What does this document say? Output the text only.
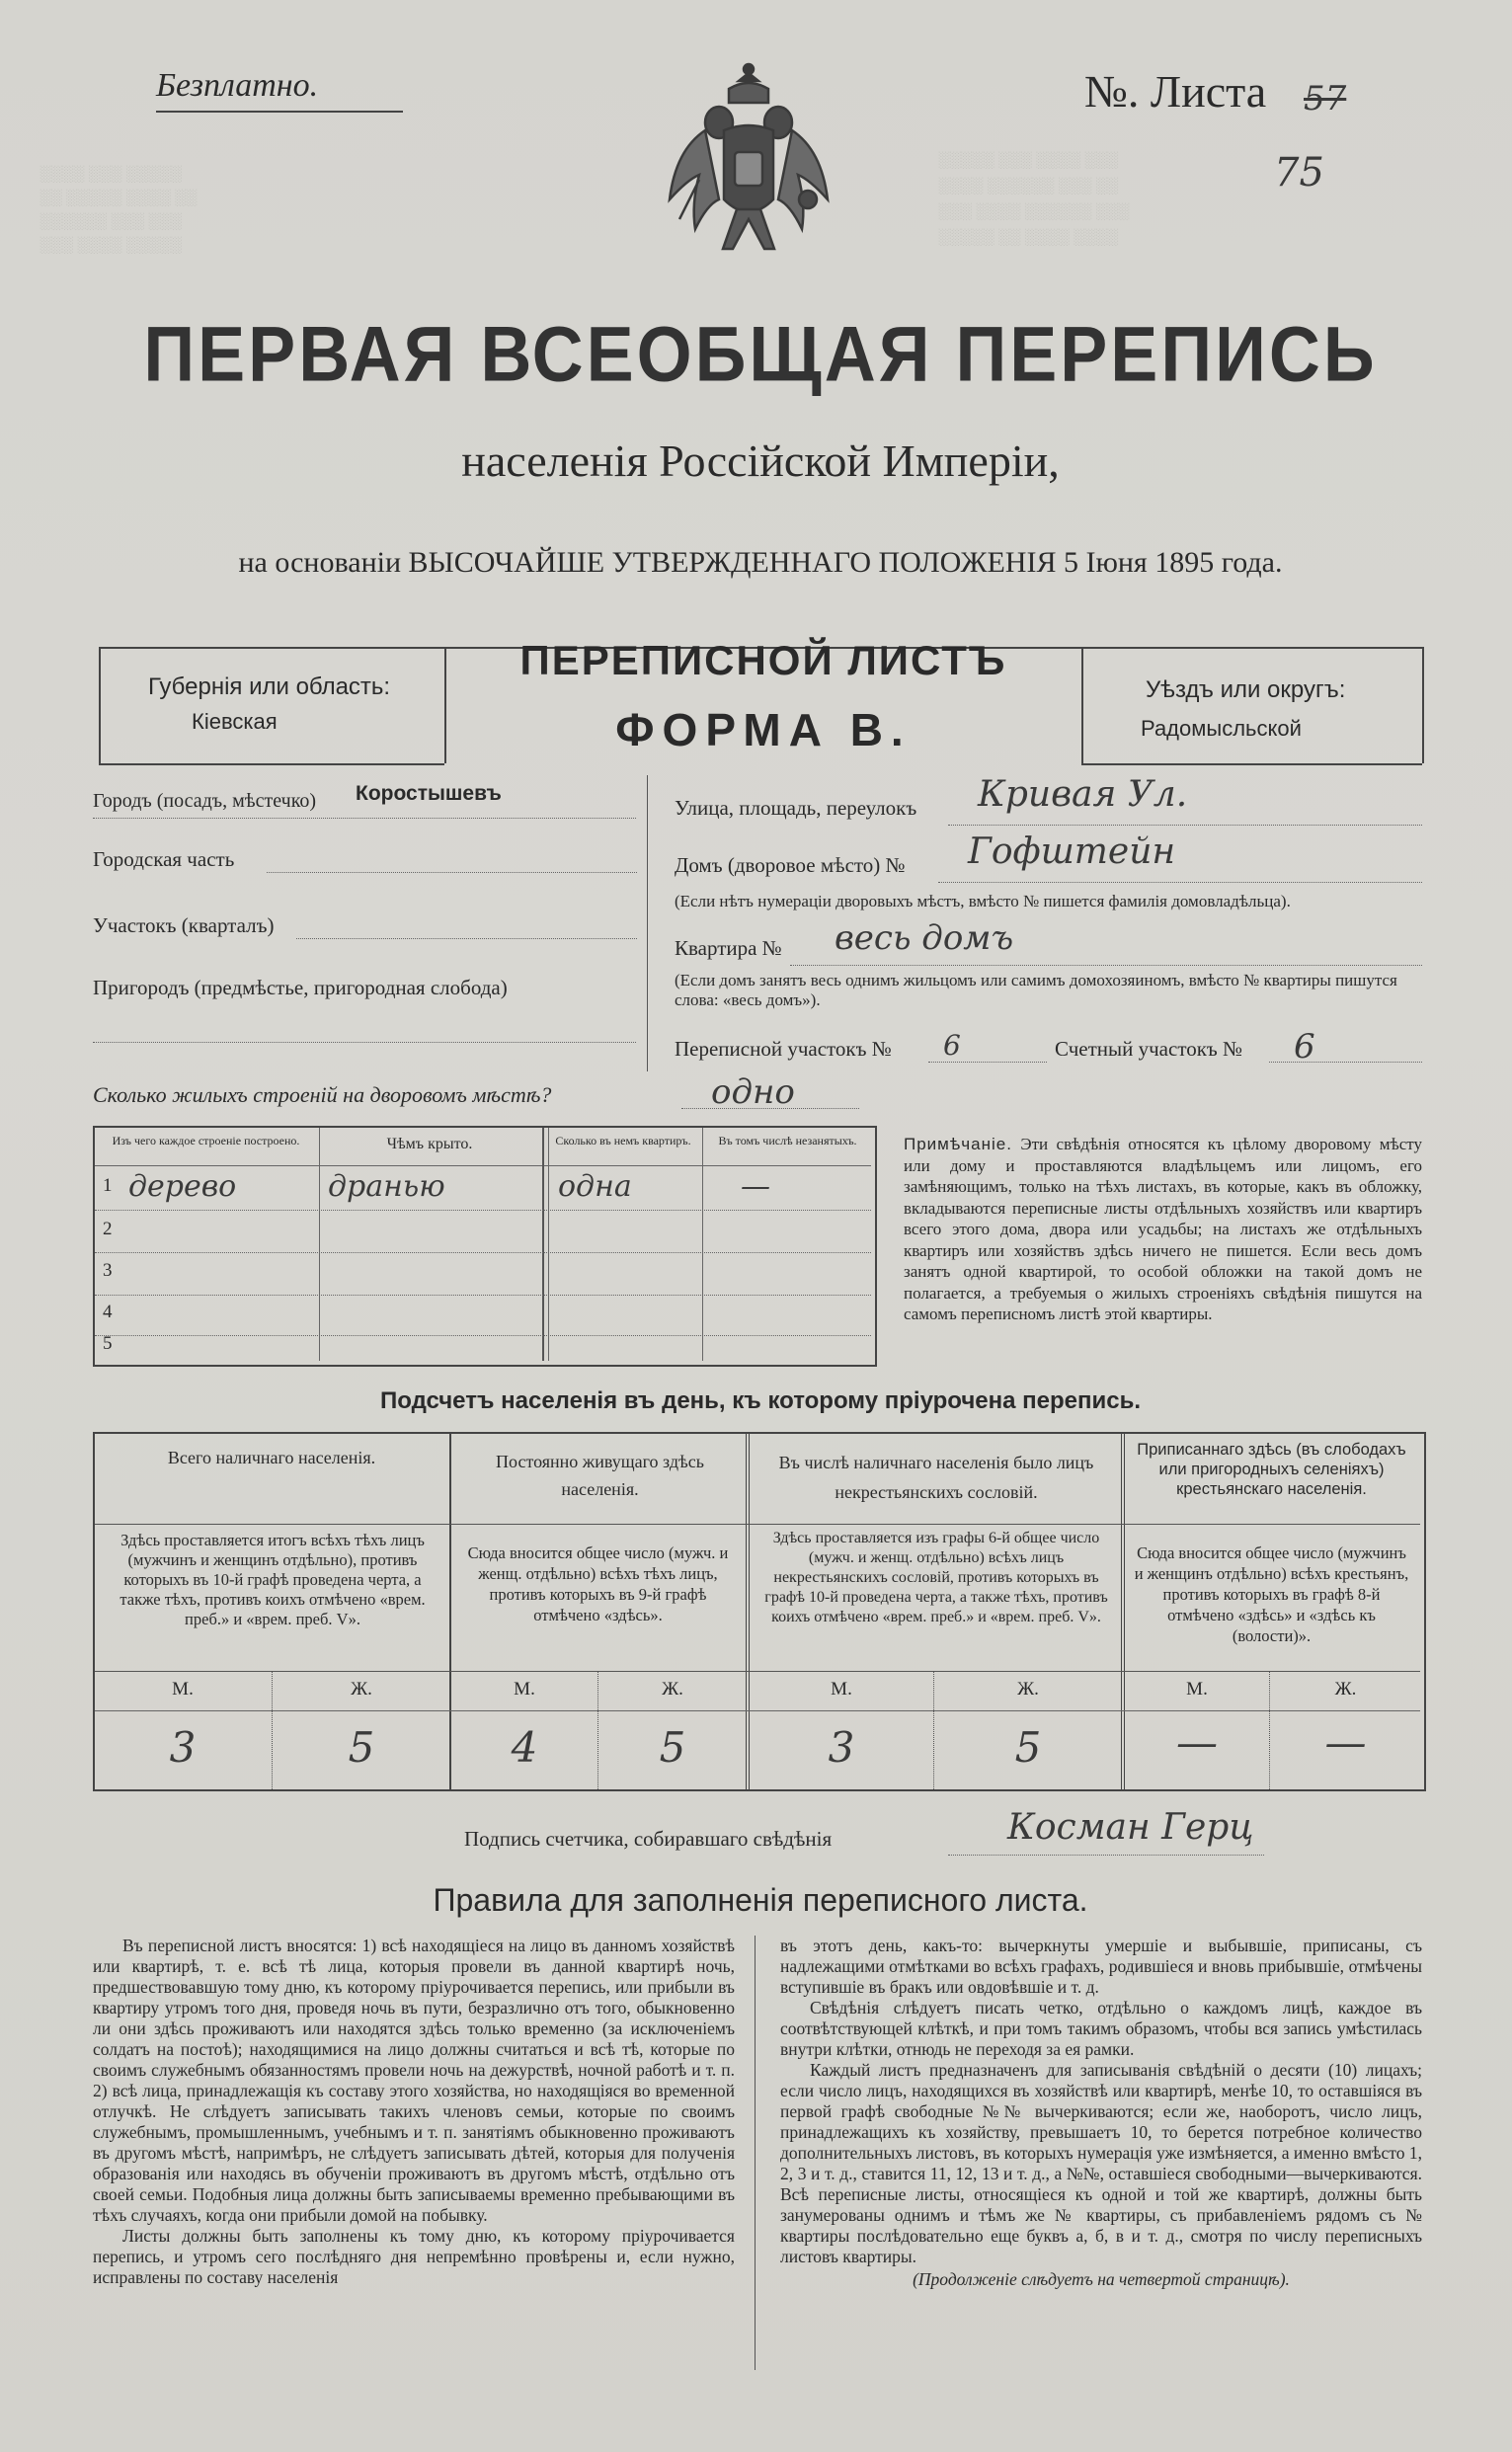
Безплатно.	№. Листа 57
75
░░░░ ░░░ ░░░░░
░░ ░░░░░ ░░░░ ░░
░░░░░░ ░░░ ░░░
░░░ ░░░░ ░░░░░
░░░░░ ░░░ ░░░░ ░░░
░░░░ ░░░░░░ ░░░ ░░
░░░ ░░░░ ░░░░░░ ░░░
░░░░░ ░░ ░░░░ ░░░░
ПЕРВАЯ ВСЕОБЩАЯ ПЕРЕПИСЬ
населенія Россійской Имперіи,
на основаніи ВЫСОЧАЙШЕ УТВЕРЖДЕННАГО ПОЛОЖЕНІЯ 5 Іюня 1895 года.
Губернія или область:
Кіевская
ПЕРЕПИСНОЙ ЛИСТЪ
ФОРМА В.
Уѣздъ или округъ:
Радомысльской
Городъ (посадъ, мѣстечко) Коростышевъ
Городская часть
Участокъ (кварталъ)
Пригородъ (предмѣстье, пригородная слобода)
Улица, площадь, переулокъ Кривая Ул.
Домъ (дворовое мѣсто) № Гофштейн
(Если нѣтъ нумераціи дворовыхъ мѣстъ, вмѣсто № пишется фамилія домовладѣльца).
Квартира № весь домъ
(Если домъ занятъ весь однимъ жильцомъ или самимъ домохозяиномъ, вмѣсто № квартиры пишутся слова: «весь домъ»).
Переписной участокъ № 6	Счетный участокъ № 6
Сколько жилыхъ строеній на дворовомъ мѣстѣ?	одно
Изъ чего каждое строеніе построено.	Чѣмъ крыто.	Сколько въ немъ квартиръ.	Въ томъ числѣ незанятыхъ.
1 дерево	дранью	одна	—
2
3
4
5
Примѣчаніе. Эти свѣдѣнія относятся къ цѣлому дворовому мѣсту или дому и проставляются владѣльцемъ или лицомъ, его замѣняющимъ, только на тѣхъ листахъ, въ которые, какъ въ обложку, вкладываются переписные листы отдѣльныхъ хозяйствъ или квартиръ всего этого дома, двора или усадьбы; на листахъ же отдѣльныхъ квартиръ или хозяйствъ здѣсь ничего не пишется. Если весь домъ занятъ одной квартирой, то особой обложки на такой домъ не полагается, а требуемыя о жилыхъ строеніяхъ свѣдѣнія пишутся на самомъ переписномъ листѣ этой квартиры.
Подсчетъ населенія въ день, къ которому пріурочена перепись.
Всего наличнаго населенія.
Здѣсь проставляется итогъ всѣхъ тѣхъ лицъ (мужчинъ и женщинъ отдѣльно), противъ которыхъ въ 10-й графѣ проведена черта, а также тѣхъ, противъ коихъ отмѣчено «врем. преб.» и «врем. преб. V».
Постоянно живущаго здѣсь населенія.
Сюда вносится общее число (мужч. и женщ. отдѣльно) всѣхъ тѣхъ лицъ, противъ которыхъ въ 9-й графѣ отмѣчено «здѣсь».
Въ числѣ наличнаго населенія было лицъ некрестьянскихъ сословій.
Здѣсь проставляется изъ графы 6-й общее число (мужч. и женщ. отдѣльно) всѣхъ лицъ некрестьянскихъ сословій, противъ которыхъ въ графѣ 10-й проведена черта, а также тѣхъ, противъ коихъ отмѣчено «врем. преб.» и «врем. преб. V».
Приписаннаго здѣсь (въ слободахъ или пригородныхъ селеніяхъ) крестьянскаго населенія.
Сюда вносится общее число (мужчинъ и женщинъ отдѣльно) всѣхъ крестьянъ, противъ которыхъ въ графѣ 8-й отмѣчено «здѣсь» и «здѣсь къ (волости)».
М.	Ж.	М.	Ж.	М.	Ж.	М.	Ж.
3	5	4	5	3	5	—	—
Подпись счетчика, собиравшаго свѣдѣнія	Косман Герц
Правила для заполненія переписного листа.
Въ переписной листъ вносятся: 1) всѣ находящіеся на лицо въ данномъ хозяйствѣ или квартирѣ, т. е. всѣ тѣ лица, которыя провели въ данной квартирѣ ночь, предшествовавшую тому дню, къ которому пріурочивается перепись, или прибыли въ квартиру утромъ того дня, проведя ночь въ пути, безразлично отъ того, обыкновенно ли они здѣсь проживаютъ или находятся здѣсь только временно (за исключеніемъ солдатъ на постоѣ); находящимися на лицо должны считаться и всѣ тѣ, которые по своимъ служебнымъ обязанностямъ провели ночь на дежурствѣ, ночной работѣ и т. п. 2) всѣ лица, принадлежащія къ составу этого хозяйства, но находящіяся во временной отлучкѣ. Не слѣдуетъ записывать такихъ членовъ семьи, которые по своимъ служебнымъ, промышленнымъ, учебнымъ и т. п. занятіямъ обыкновенно проживаютъ въ другомъ мѣстѣ, напримѣръ, не слѣдуетъ записывать дѣтей, которыя для полученія образованія или находясь въ обученіи проживаютъ въ другомъ мѣстѣ, отдѣльно отъ своей семьи. Подобныя лица должны быть записываемы временно пребывающими въ тѣхъ случаяхъ, когда они прибыли домой на побывку.
Листы должны быть заполнены къ тому дню, къ которому пріурочивается перепись, и утромъ сего послѣдняго дня непремѣнно провѣрены и, если нужно, исправлены по составу населенія
въ этотъ день, какъ-то: вычеркнуты умершіе и выбывшіе, приписаны, съ надлежащими отмѣтками во всѣхъ графахъ, родившіеся и вновь прибывшіе, отмѣчены вступившіе въ бракъ или овдовѣвшіе и т. д.
Свѣдѣнія слѣдуетъ писать четко, отдѣльно о каждомъ лицѣ, каждое въ соотвѣтствующей клѣткѣ, и при томъ такимъ образомъ, чтобы вся запись умѣстилась внутри клѣтки, отнюдь не переходя за ея рамки.
Каждый листъ предназначенъ для записыванія свѣдѣній о десяти (10) лицахъ; если число лицъ, находящихся въ хозяйствѣ или квартирѣ, менѣе 10, то оставшіяся въ первой графѣ свободные №№ вычеркиваются; если же, наоборотъ, число лицъ, принадлежащихъ къ хозяйству, превышаетъ 10, то берется потребное количество дополнительныхъ листовъ, въ которыхъ нумерація уже измѣняется, а именно вмѣсто 1, 2, 3 и т. д., ставится 11, 12, 13 и т. д., а №№, оставшіеся свободными—вычеркиваются. Всѣ переписные листы, относящіеся къ одной и той же квартирѣ, должны быть занумерованы однимъ и тѣмъ же № квартиры, съ прибавленіемъ рядомъ съ № квартиры послѣдовательно еще буквъ а, б, в и т. д., смотря по числу переписныхъ листовъ квартиры.
(Продолженіе слѣдуетъ на четвертой страницѣ).
